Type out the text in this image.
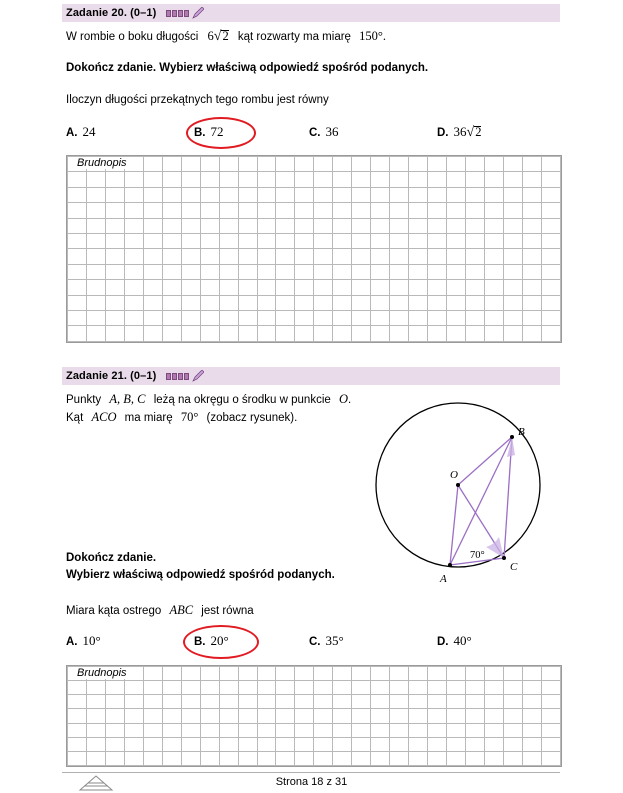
Zadanie 20. (0–1)
W rombie o boku długości 6√
2 kąt rozwarty ma miarę 150°.
Dokończ zdanie. Wybierz właściwą odpowiedź spośród podanych.
Iloczyn długości przekątnych tego rombu jest równy
A. 24	B. 72	C. 36	D. 36√
2

Brudnopis
Zadanie 21. (0–1)
Punkty A, B, C leżą na okręgu o środku w punkcie O.
Kąt ACO ma miarę 70° (zobacz rysunek).
O
A
B
C
70°
Dokończ zdanie.
Wybierz właściwą odpowiedź spośród podanych.
Miara kąta ostrego ABC jest równa
A. 10°	B. 20°	C. 35°	D. 40°

Brudnopis
Strona 18 z 31
